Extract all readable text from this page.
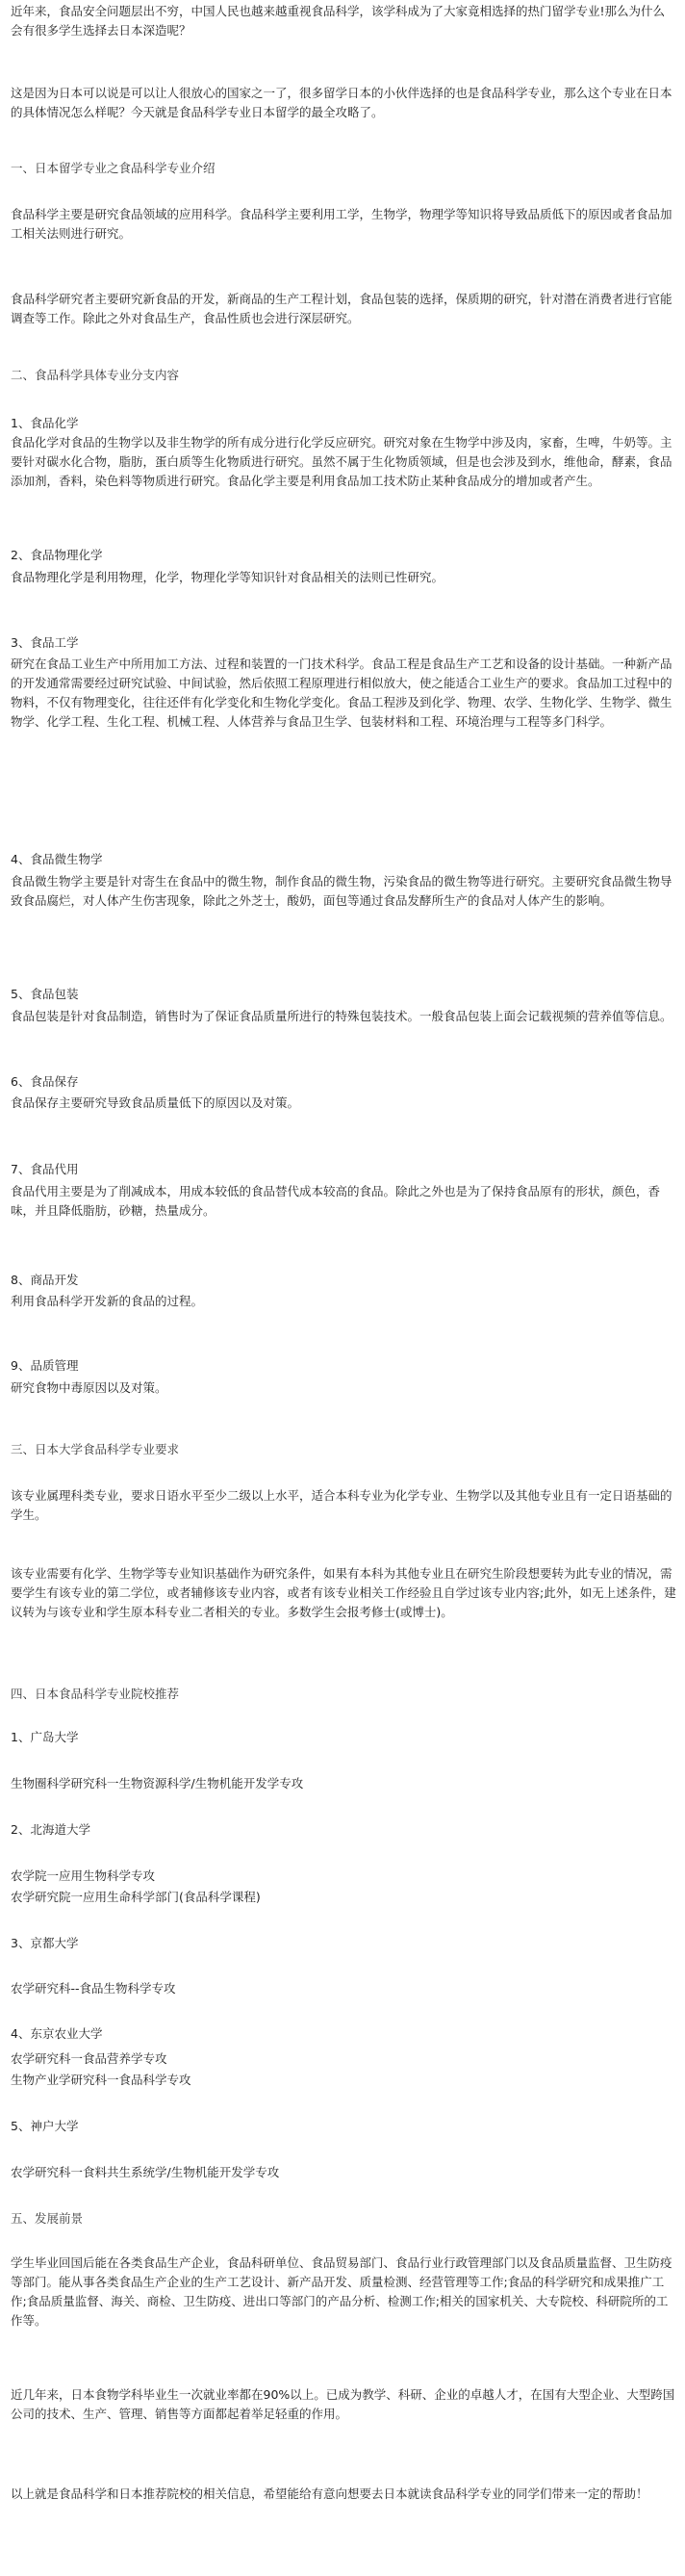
近年来，食品安全问题层出不穷，中国人民也越来越重视食品科学，该学科成为了大家竟相选择的热门留学专业!那么为什么会有很多学生选择去日本深造呢？

这是因为日本可以说是可以让人很放心的国家之一了，很多留学日本的小伙伴选择的也是食品科学专业，那么这个专业在日本的具体情况怎么样呢？今天就是食品科学专业日本留学的最全攻略了。

一、日本留学专业之食品科学专业介绍

食品科学主要是研究食品领域的应用科学。食品科学主要利用工学，生物学，物理学等知识将导致品质低下的原因或者食品加工相关法则进行研究。

食品科学研究者主要研究新食品的开发，新商品的生产工程计划，食品包装的选择，保质期的研究，针对潜在消费者进行官能调查等工作。除此之外对食品生产，食品性质也会进行深层研究。

二、食品科学具体专业分支内容

1、食品化学

食品化学对食品的生物学以及非生物学的所有成分进行化学反应研究。研究对象在生物学中涉及肉，家畜，生啤，牛奶等。主要针对碳水化合物，脂肪，蛋白质等生化物质进行研究。虽然不属于生化物质领域，但是也会涉及到水，维他命，酵素，食品添加剂，香料，染色料等物质进行研究。食品化学主要是利用食品加工技术防止某种食品成分的增加或者产生。

2、食品物理化学

食品物理化学是利用物理，化学，物理化学等知识针对食品相关的法则已性研究。

3、食品工学

研究在食品工业生产中所用加工方法、过程和装置的一门技术科学。食品工程是食品生产工艺和设备的设计基础。一种新产品的开发通常需要经过研究试验、中间试验，然后依照工程原理进行相似放大，使之能适合工业生产的要求。食品加工过程中的物料，不仅有物理变化，往往还伴有化学变化和生物化学变化。食品工程涉及到化学、物理、农学、生物化学、生物学、微生物学、化学工程、生化工程、机械工程、人体营养与食品卫生学、包装材料和工程、环境治理与工程等多门科学。

4、食品微生物学

食品微生物学主要是针对寄生在食品中的微生物，制作食品的微生物，污染食品的微生物等进行研究。主要研究食品微生物导致食品腐烂，对人体产生伤害现象，除此之外芝士，酸奶，面包等通过食品发酵所生产的食品对人体产生的影响。

5、食品包装

食品包装是针对食品制造，销售时为了保证食品质量所进行的特殊包装技术。一般食品包装上面会记载视频的营养值等信息。

6、食品保存

食品保存主要研究导致食品质量低下的原因以及对策。

7、食品代用

食品代用主要是为了削减成本，用成本较低的食品替代成本较高的食品。除此之外也是为了保持食品原有的形状，颜色，香味，并且降低脂肪，砂糖，热量成分。

8、商品开发

利用食品科学开发新的食品的过程。

9、品质管理

研究食物中毒原因以及对策。

三、日本大学食品科学专业要求

该专业属理科类专业，要求日语水平至少二级以上水平，适合本科专业为化学专业、生物学以及其他专业且有一定日语基础的学生。

该专业需要有化学、生物学等专业知识基础作为研究条件，如果有本科为其他专业且在研究生阶段想要转为此专业的情况，需要学生有该专业的第二学位，或者辅修该专业内容，或者有该专业相关工作经验且自学过该专业内容;此外，如无上述条件，建议转为与该专业和学生原本科专业二者相关的专业。多数学生会报考修士(或博士)。

四、日本食品科学专业院校推荐

1、广岛大学

生物圈科学研究科一生物资源科学/生物机能开发学专攻

2、北海道大学

农学院一应用生物科学专攻

农学研究院一应用生命科学部门(食品科学课程)

3、京都大学

农学研究科--食品生物科学专攻

4、东京农业大学

农学研究科一食品营养学专攻

生物产业学研究科一食品科学专攻

5、神户大学

农学研究科一食料共生系统学/生物机能开发学专攻

五、发展前景

学生毕业回国后能在各类食品生产企业，食品科研单位、食品贸易部门、食品行业行政管理部门以及食品质量监督、卫生防疫等部门。能从事各类食品生产企业的生产工艺设计、新产品开发、质量检测、经营管理等工作;食品的科学研究和成果推广工作;食品质量监督、海关、商检、卫生防疫、进出口等部门的产品分析、检测工作;相关的国家机关、大专院校、科研院所的工作等。

近几年来，日本食物学科毕业生一次就业率都在90%以上。已成为教学、科研、企业的卓越人才，在国有大型企业、大型跨国公司的技术、生产、管理、销售等方面都起着举足轻重的作用。

以上就是食品科学和日本推荐院校的相关信息，希望能给有意向想要去日本就读食品科学专业的同学们带来一定的帮助！
